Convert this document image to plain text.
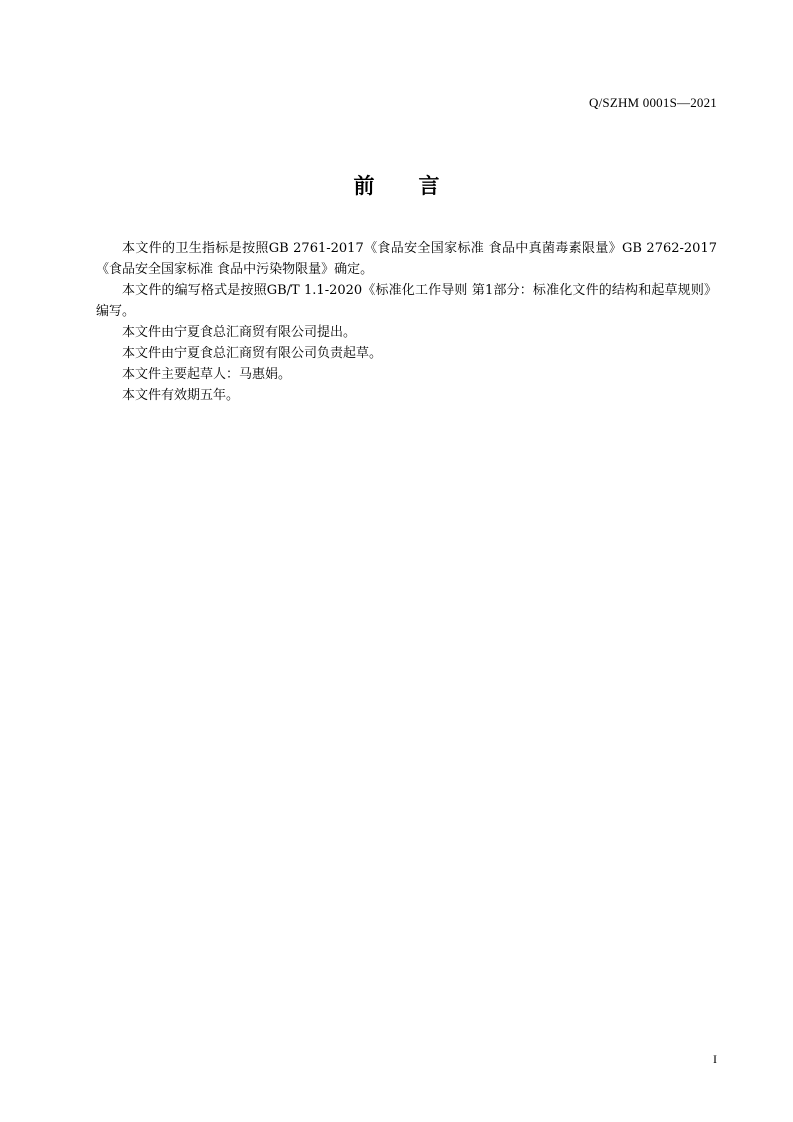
Q/SZHM 0001S—2021
前言

本文件的卫生指标是按照GB 2761-2017《食品安全国家标准 食品中真菌毒素限量》GB 2762-2017《食品安全国家标准 食品中污染物限量》确定。

本文件的编写格式是按照GB/T 1.1-2020《标准化工作导则 第1部分：标准化文件的结构和起草规则》编写。

本文件由宁夏食总汇商贸有限公司提出。

本文件由宁夏食总汇商贸有限公司负责起草。

本文件主要起草人：马惠娟。

本文件有效期五年。

I
